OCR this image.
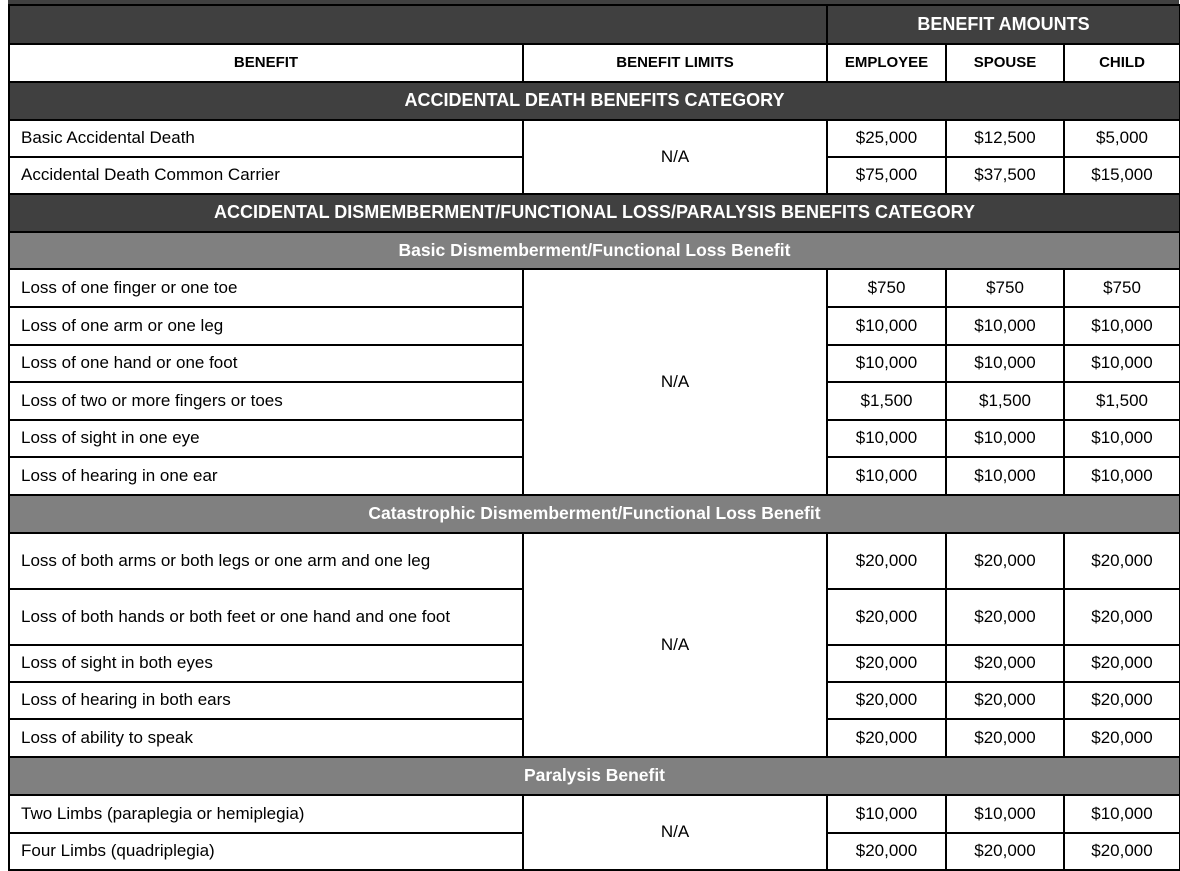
		BENEFIT AMOUNTS		
BENEFIT	BENEFIT LIMITS	EMPLOYEE	SPOUSE	CHILD
ACCIDENTAL DEATH BENEFITS CATEGORY				
Basic Accidental Death	N/A	$25,000	$12,500	$5,000
Accidental Death Common Carrier		$75,000	$37,500	$15,000
ACCIDENTAL DISMEMBERMENT/FUNCTIONAL LOSS/PARALYSIS BENEFITS CATEGORY				
Basic Dismemberment/Functional Loss Benefit				
Loss of one finger or one toe	N/A	$750	$750	$750
Loss of one arm or one leg		$10,000	$10,000	$10,000
Loss of one hand or one foot		$10,000	$10,000	$10,000
Loss of two or more fingers or toes		$1,500	$1,500	$1,500
Loss of sight in one eye		$10,000	$10,000	$10,000
Loss of hearing in one ear		$10,000	$10,000	$10,000
Catastrophic Dismemberment/Functional Loss Benefit				
Loss of both arms or both legs or one arm and one leg	N/A	$20,000	$20,000	$20,000
Loss of both hands or both feet or one hand and one foot		$20,000	$20,000	$20,000
Loss of sight in both eyes		$20,000	$20,000	$20,000
Loss of hearing in both ears		$20,000	$20,000	$20,000
Loss of ability to speak		$20,000	$20,000	$20,000
Paralysis Benefit				
Two Limbs (paraplegia or hemiplegia)	N/A	$10,000	$10,000	$10,000
Four Limbs (quadriplegia)		$20,000	$20,000	$20,000
